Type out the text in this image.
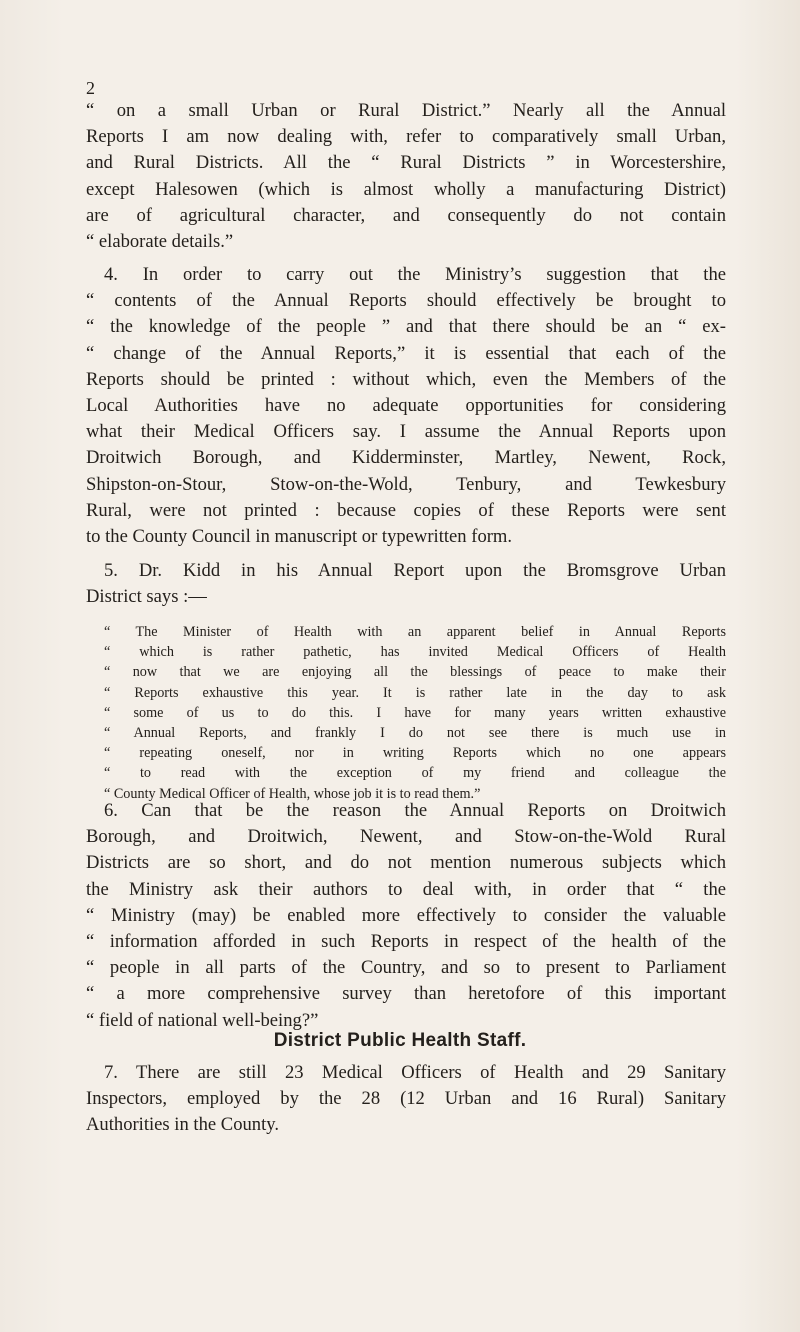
2
“ on a small Urban or Rural District.” Nearly all the Annual
Reports I am now dealing with, refer to comparatively small Urban,
and Rural Districts. All the “ Rural Districts ” in Worcestershire,
except Halesowen (which is almost wholly a manufacturing District)
are of agricultural character, and consequently do not contain
“ elaborate details.”
4. In order to carry out the Ministry’s suggestion that the
“ contents of the Annual Reports should effectively be brought to
“ the knowledge of the people ” and that there should be an “ ex-
“ change of the Annual Reports,” it is essential that each of the
Reports should be printed : without which, even the Members of the
Local Authorities have no adequate opportunities for considering
what their Medical Officers say. I assume the Annual Reports upon
Droitwich Borough, and Kidderminster, Martley, Newent, Rock,
Shipston-on-Stour, Stow-on-the-Wold, Tenbury, and Tewkesbury
Rural, were not printed : because copies of these Reports were sent
to the County Council in manuscript or typewritten form.
5. Dr. Kidd in his Annual Report upon the Bromsgrove Urban
District says :—
“ The Minister of Health with an apparent belief in Annual Reports
“ which is rather pathetic, has invited Medical Officers of Health
“ now that we are enjoying all the blessings of peace to make their
“ Reports exhaustive this year. It is rather late in the day to ask
“ some of us to do this. I have for many years written exhaustive
“ Annual Reports, and frankly I do not see there is much use in
“ repeating oneself, nor in writing Reports which no one appears
“ to read with the exception of my friend and colleague the
“ County Medical Officer of Health, whose job it is to read them.”
6. Can that be the reason the Annual Reports on Droitwich
Borough, and Droitwich, Newent, and Stow-on-the-Wold Rural
Districts are so short, and do not mention numerous subjects which
the Ministry ask their authors to deal with, in order that “ the
“ Ministry (may) be enabled more effectively to consider the valuable
“ information afforded in such Reports in respect of the health of the
“ people in all parts of the Country, and so to present to Parliament
“ a more comprehensive survey than heretofore of this important
“ field of national well-being?”
District Public Health Staff.
7. There are still 23 Medical Officers of Health and 29 Sanitary
Inspectors, employed by the 28 (12 Urban and 16 Rural) Sanitary
Authorities in the County.
